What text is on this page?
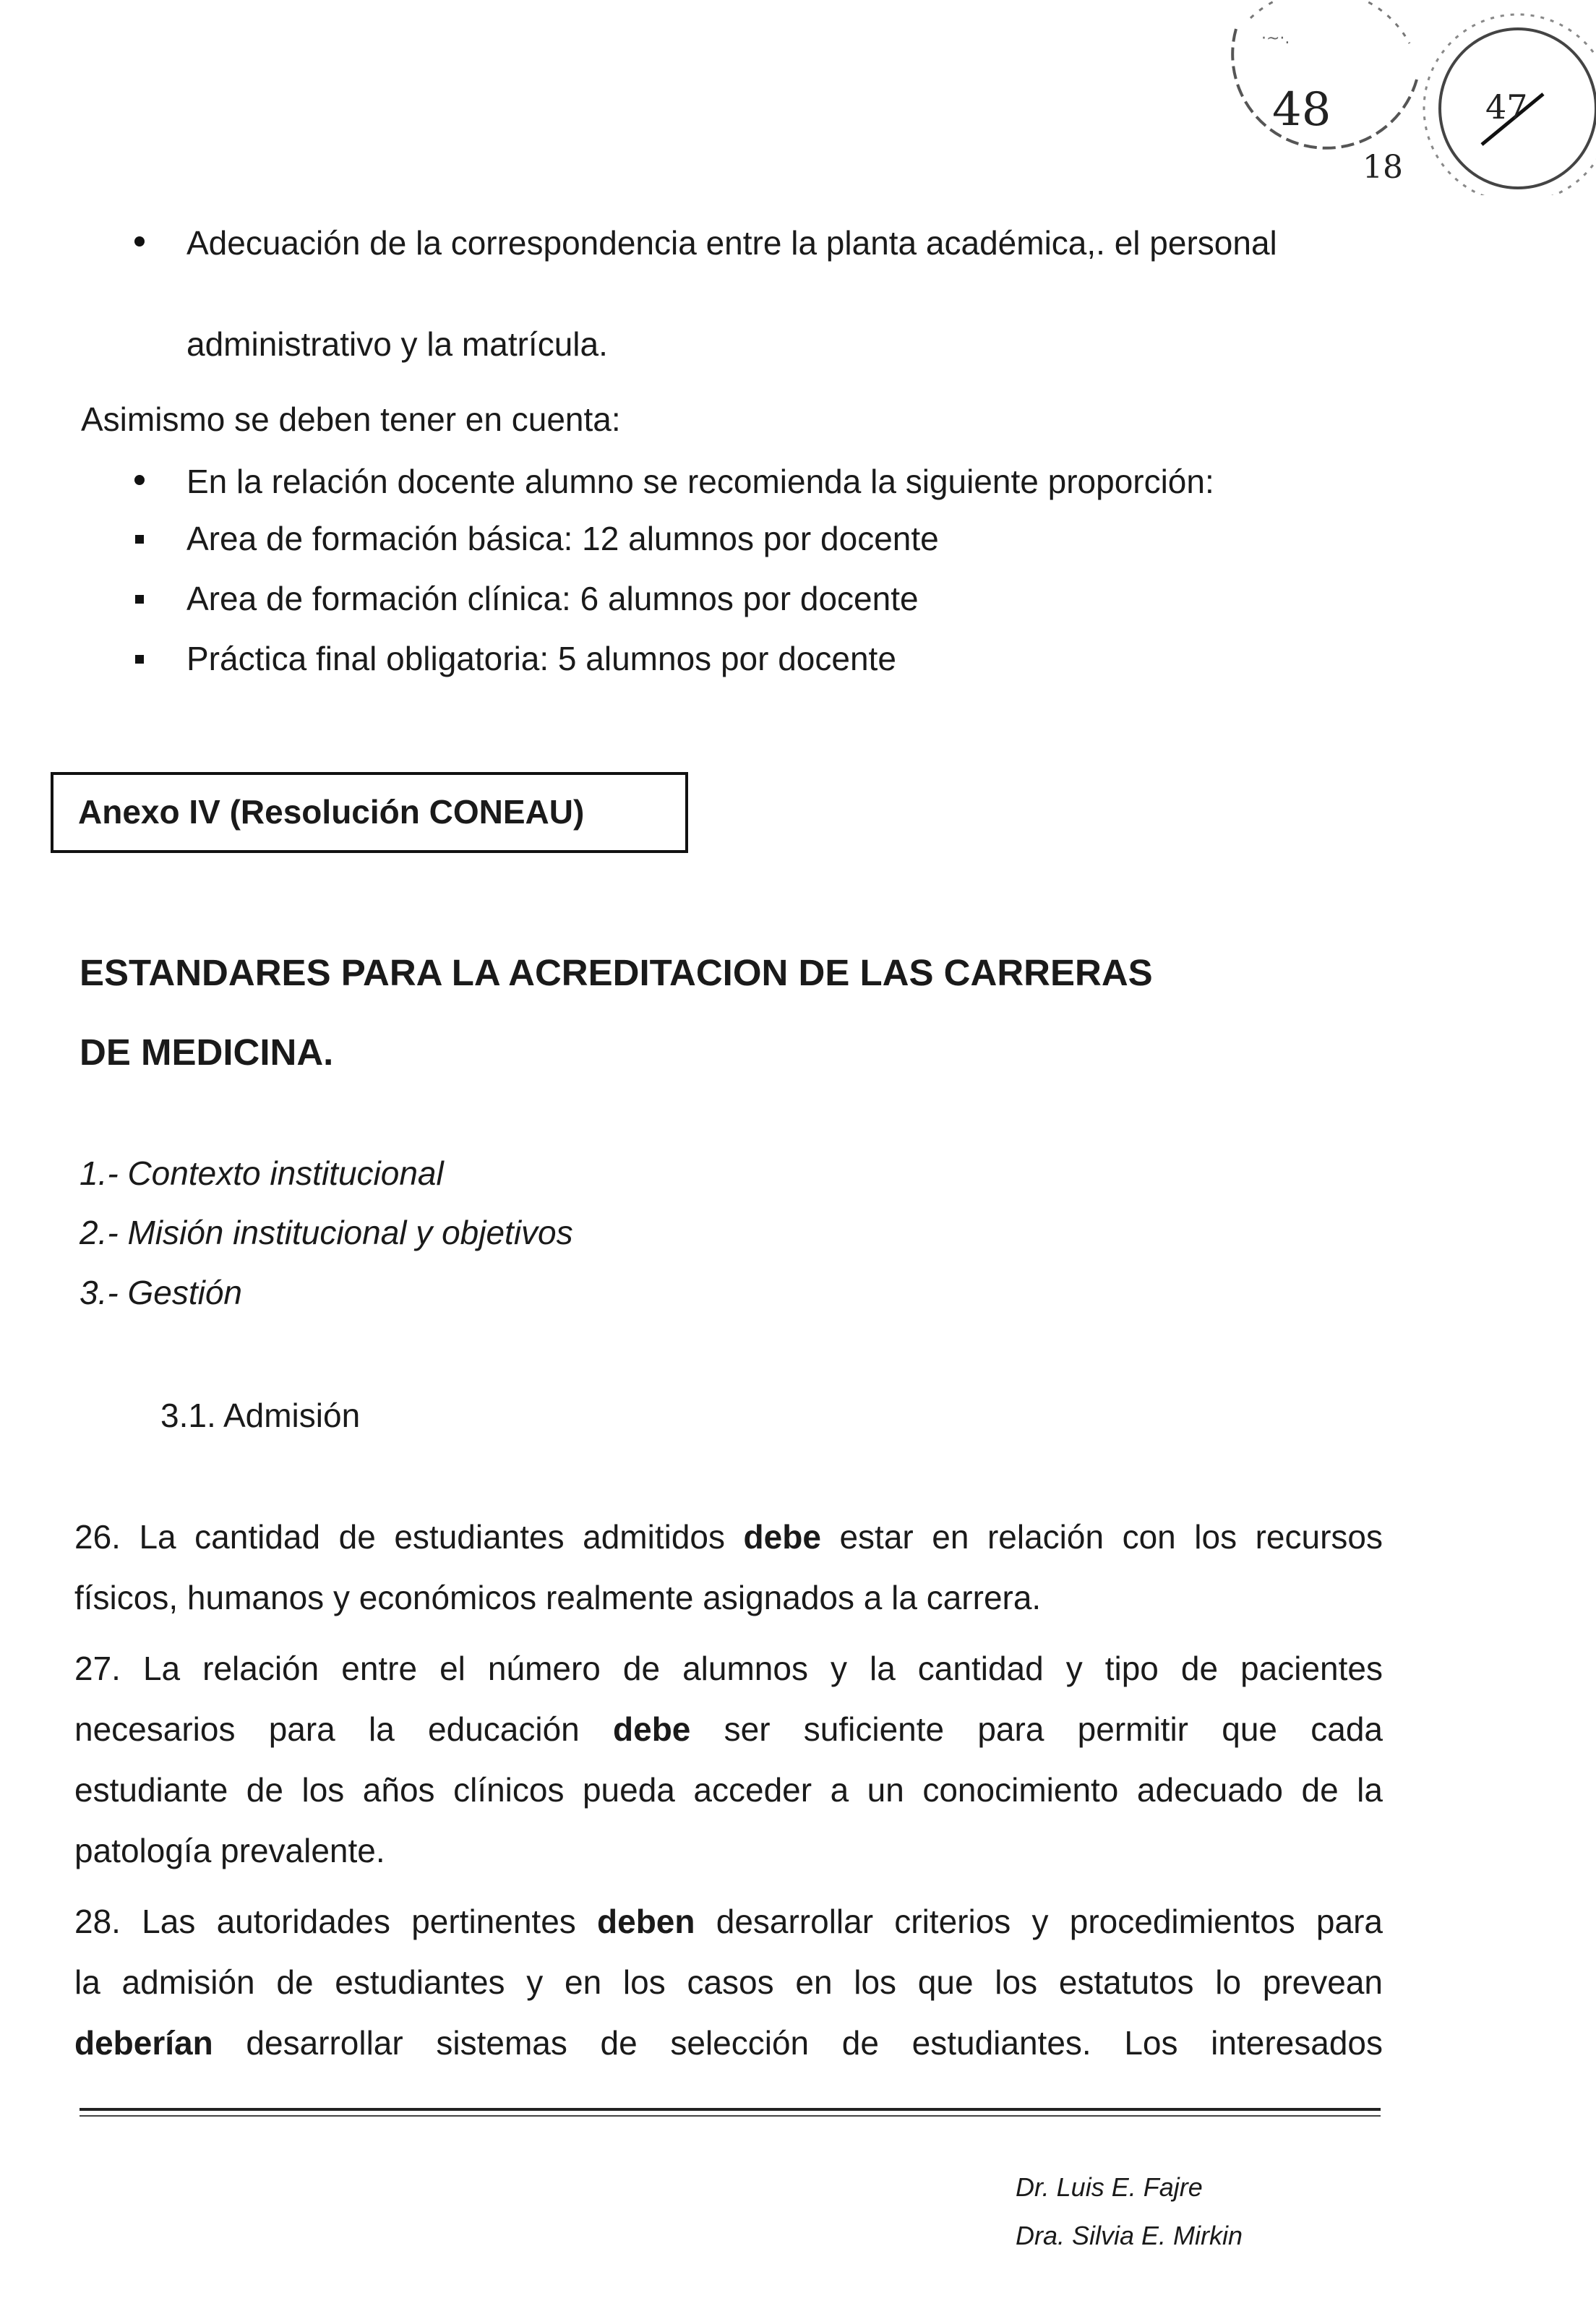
·~·.
48
18
47
Adecuación de la correspondencia entre la planta académica,. el personal
administrativo y la matrícula.
Asimismo se deben tener en cuenta:
En la relación docente alumno se recomienda la siguiente proporción:
Area de formación básica: 12 alumnos por docente
Area de formación clínica: 6 alumnos por docente
Práctica final obligatoria: 5 alumnos por docente
Anexo IV (Resolución CONEAU)
ESTANDARES PARA LA ACREDITACION DE LAS CARRERAS
DE MEDICINA.
1.- Contexto institucional
2.- Misión institucional y objetivos
3.- Gestión
3.1. Admisión
26. La cantidad de estudiantes admitidos debe estar en relación con los recursos
físicos, humanos y económicos realmente asignados a la carrera.
27. La relación entre el número de alumnos y la cantidad y tipo de pacientes
necesarios para la educación debe ser suficiente para permitir que cada
estudiante de los años clínicos pueda acceder a un conocimiento adecuado de la
patología prevalente.
28. Las autoridades pertinentes deben desarrollar criterios y procedimientos para
la admisión de estudiantes y en los casos en los que los estatutos lo prevean
deberían desarrollar sistemas de selección de estudiantes. Los interesados
Dr. Luis E. Fajre
Dra. Silvia E. Mirkin
